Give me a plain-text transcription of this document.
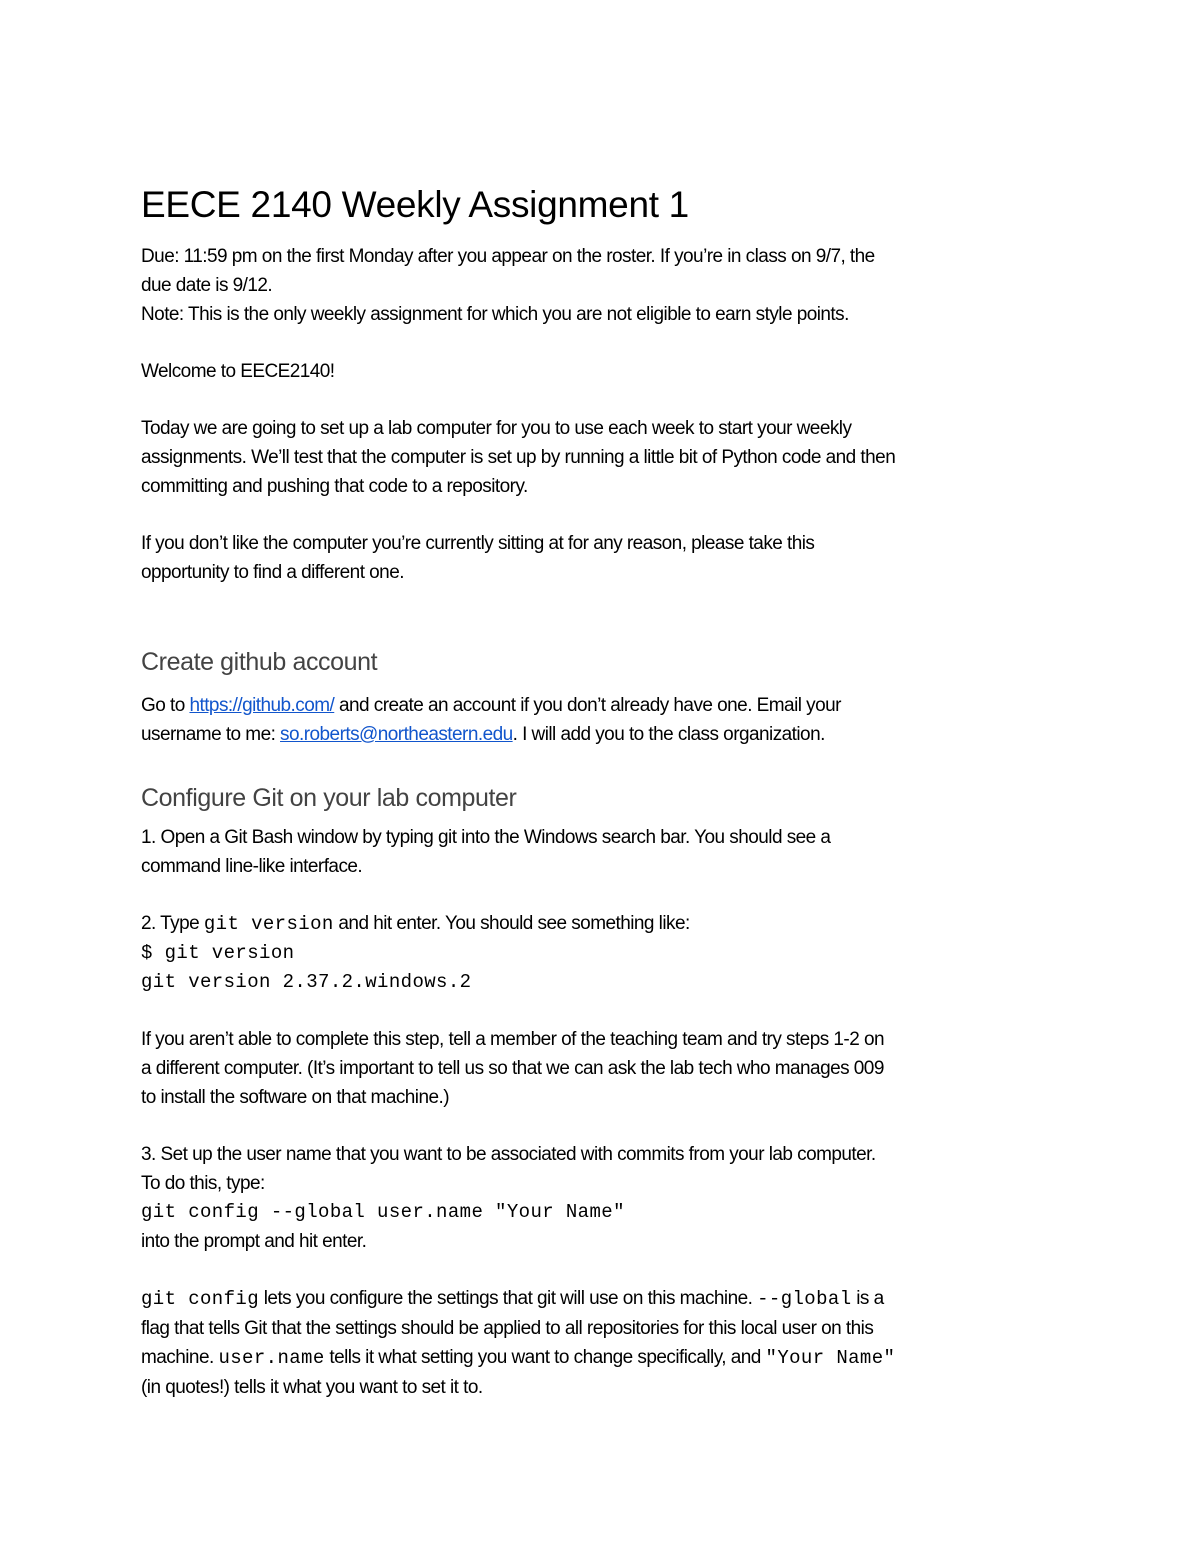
EECE 2140 Weekly Assignment 1

Due: 11:59 pm on the first Monday after you appear on the roster. If you’re in class on 9/7, the

due date is 9/12.

Note: This is the only weekly assignment for which you are not eligible to earn style points.

Welcome to EECE2140!

Today we are going to set up a lab computer for you to use each week to start your weekly

assignments. We’ll test that the computer is set up by running a little bit of Python code and then

committing and pushing that code to a repository.

If you don’t like the computer you’re currently sitting at for any reason, please take this

opportunity to find a different one.

Create github account

Go to https://github.com/ and create an account if you don’t already have one. Email your

username to me: so.roberts@northeastern.edu. I will add you to the class organization.

Configure Git on your lab computer

1. Open a Git Bash window by typing git into the Windows search bar. You should see a

command line-like interface.

2. Type git version and hit enter. You should see something like:

$ git version

git version 2.37.2.windows.2

If you aren’t able to complete this step, tell a member of the teaching team and try steps 1-2 on

a different computer. (It’s important to tell us so that we can ask the lab tech who manages 009

to install the software on that machine.)

3. Set up the user name that you want to be associated with commits from your lab computer.

To do this, type:

git config --global user.name "Your Name"

into the prompt and hit enter.

git config lets you configure the settings that git will use on this machine. --global is a

flag that tells Git that the settings should be applied to all repositories for this local user on this

machine. user.name tells it what setting you want to change specifically, and "Your Name"

(in quotes!) tells it what you want to set it to.
